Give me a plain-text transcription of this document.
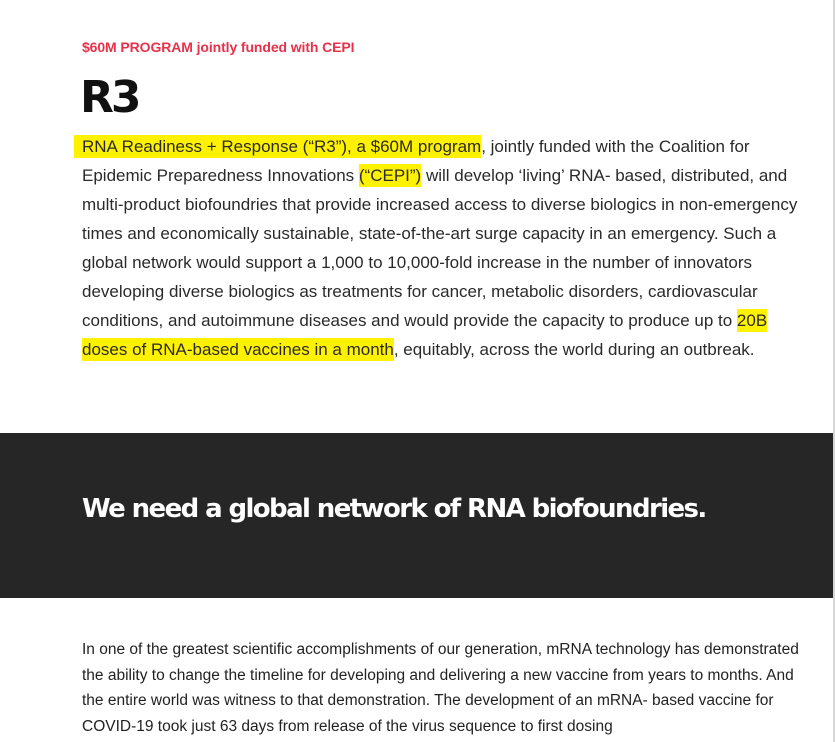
$60M PROGRAM jointly funded with CEPI
R3

RNA Readiness + Response (“R3”), a $60M program, jointly funded with the Coalition for Epidemic Preparedness Innovations (“CEPI”) will develop ‘living’ RNA- based, distributed, and multi-product biofoundries that provide increased access to diverse biologics in non-emergency times and economically sustainable, state-of-the-art surge capacity in an emergency. Such a global network would support a 1,000 to 10,000-fold increase in the number of innovators developing diverse biologics as treatments for cancer, metabolic disorders, cardiovascular conditions, and autoimmune diseases and would provide the capacity to produce up to 20B doses of RNA-based vaccines in a month, equitably, across the world during an outbreak.

We need a global network of RNA biofoundries.

In one of the greatest scientific accomplishments of our generation, mRNA technology has demonstrated the ability to change the timeline for developing and delivering a new vaccine from years to months. And the entire world was witness to that demonstration. The development of an mRNA- based vaccine for COVID-19 took just 63 days from release of the virus sequence to first dosing
